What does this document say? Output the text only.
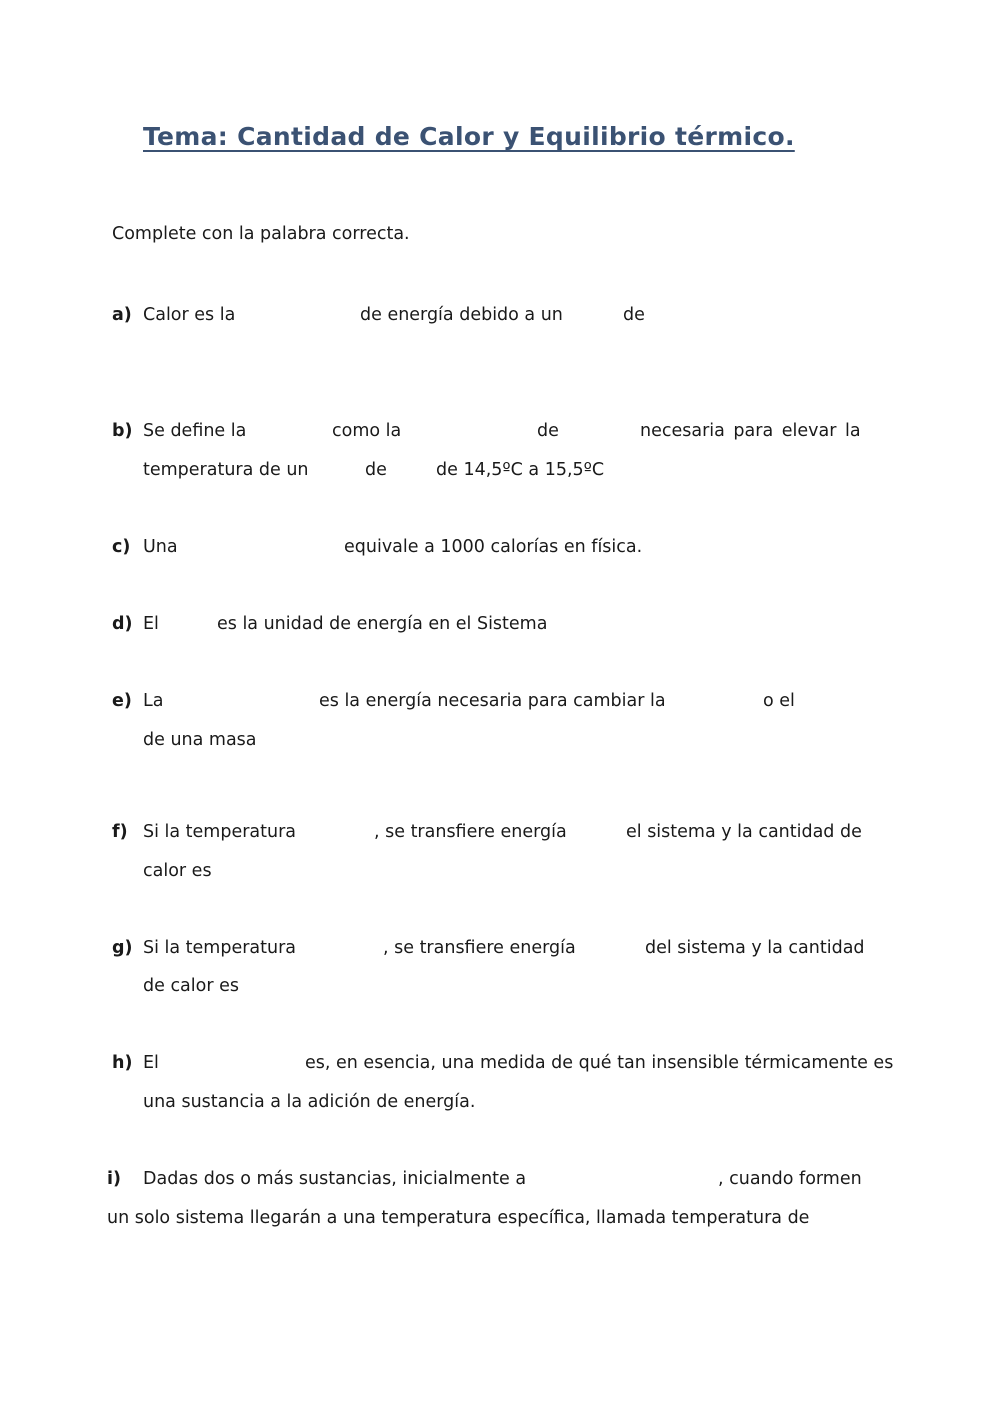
Tema: Cantidad de Calor y Equilibrio térmico.
Complete con la palabra correcta.
a) Calor es la	de energía debido a un	de
b) Se define la	como la	de	necesaria para elevar la
temperatura de un	de	de 14,5ºC a 15,5ºC
c) Una	equivale a 1000 calorías en física.
d) El	es la unidad de energía en el Sistema
e) La	es la energía necesaria para cambiar la	o el
de una masa
f) Si la temperatura	, se transfiere energía	el sistema y la cantidad de
calor es
g) Si la temperatura	, se transfiere energía	del sistema y la cantidad
de calor es
h) El	es, en esencia, una medida de qué tan insensible térmicamente es
una sustancia a la adición de energía.
i) Dadas dos o más sustancias, inicialmente a	, cuando formen
un solo sistema llegarán a una temperatura específica, llamada temperatura de
